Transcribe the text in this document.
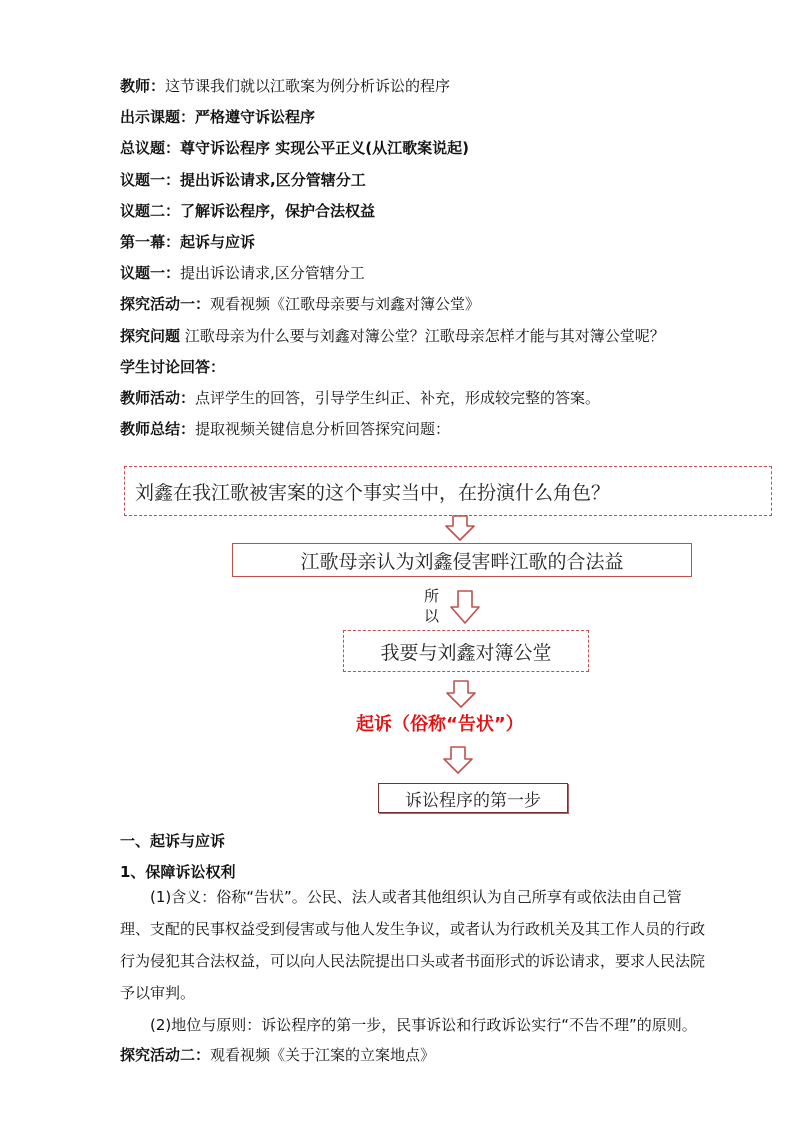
教师：这节课我们就以江歌案为例分析诉讼的程序
出示课题：严格遵守诉讼程序
总议题：尊守诉讼程序 实现公平正义(从江歌案说起)
议题一：提出诉讼请求,区分管辖分工
议题二：了解诉讼程序，保护合法权益
第一幕：起诉与应诉
议题一：提出诉讼请求,区分管辖分工
探究活动一：观看视频《江歌母亲要与刘鑫对簿公堂》
探究问题 江歌母亲为什么要与刘鑫对簿公堂？江歌母亲怎样才能与其对簿公堂呢？
学生讨论回答：
教师活动：点评学生的回答，引导学生纠正、补充，形成较完整的答案。
教师总结：提取视频关键信息分析回答探究问题：
刘鑫在我江歌被害案的这个事实当中，在扮演什么角色？
江歌母亲认为刘鑫侵害畔江歌的合法益
所以
我要与刘鑫对簿公堂
起诉（俗称“告状”）
诉讼程序的第一步
一、起诉与应诉
1、保障诉讼权利
(1)含义：俗称“告状”。公民、法人或者其他组织认为自己所享有或依法由自己管理、支配的民事权益受到侵害或与他人发生争议，或者认为行政机关及其工作人员的行政行为侵犯其合法权益，可以向人民法院提出口头或者书面形式的诉讼请求，要求人民法院予以审判。
(2)地位与原则：诉讼程序的第一步，民事诉讼和行政诉讼实行“不告不理”的原则。
探究活动二：观看视频《关于江案的立案地点》
